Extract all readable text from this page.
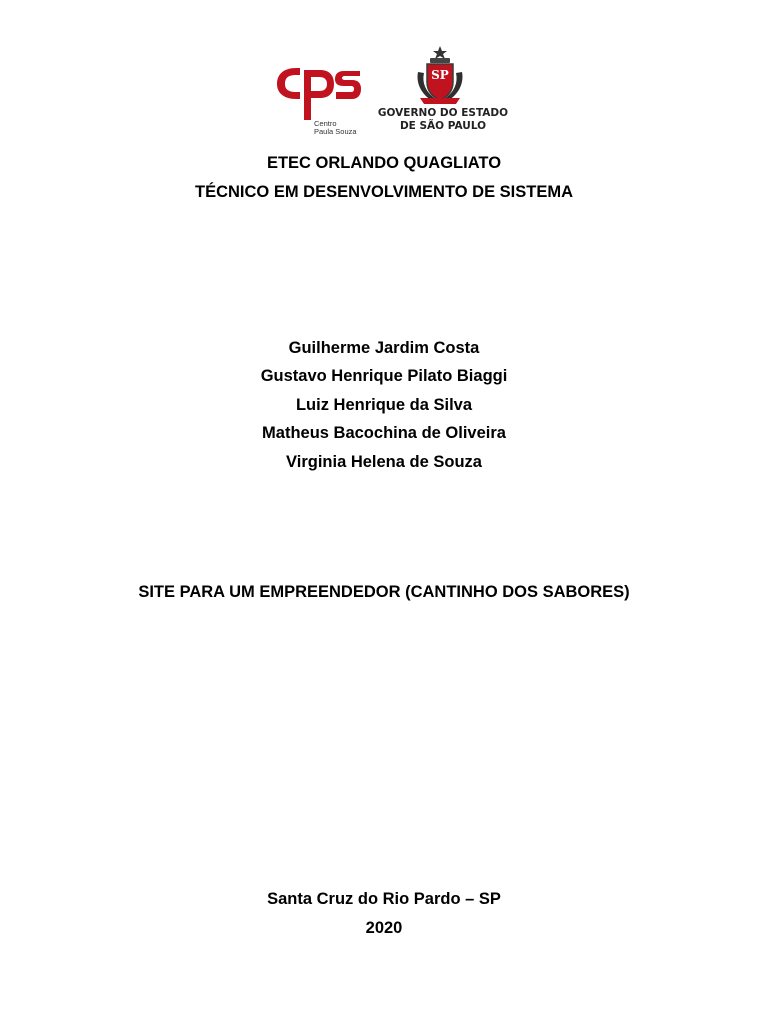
Centro
Paula Souza
SP
GOVERNO DO ESTADO
DE SÃO PAULO
ETEC ORLANDO QUAGLIATO
TÉCNICO EM DESENVOLVIMENTO DE SISTEMA
Guilherme Jardim Costa
Gustavo Henrique Pilato Biaggi
Luiz Henrique da Silva
Matheus Bacochina de Oliveira
Virginia Helena de Souza
SITE PARA UM EMPREENDEDOR (CANTINHO DOS SABORES)
Santa Cruz do Rio Pardo – SP
2020
